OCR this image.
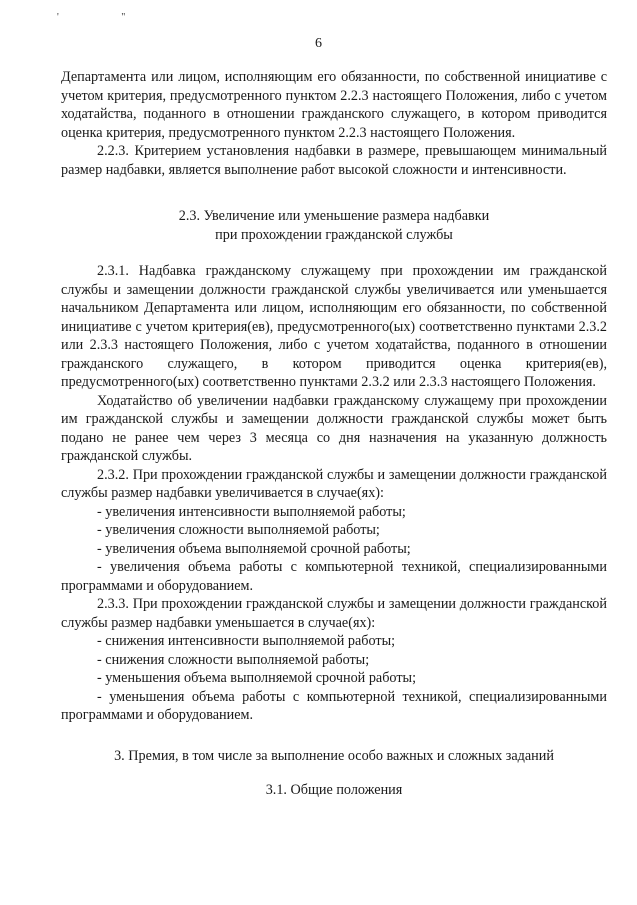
' "
6

Департамента или лицом, исполняющим его обязанности, по собственной инициативе с учетом критерия, предусмотренного пунктом 2.2.3 настоящего Положения, либо с учетом ходатайства, поданного в отношении гражданского служащего, в котором приводится оценка критерия, предусмотренного пунктом 2.2.3 настоящего Положения.

2.2.3. Критерием установления надбавки в размере, превышающем минимальный размер надбавки, является выполнение работ высокой сложности и интенсивности.

2.3. Увеличение или уменьшение размера надбавки
при прохождении гражданской службы

2.3.1. Надбавка гражданскому служащему при прохождении им гражданской службы и замещении должности гражданской службы увеличивается или уменьшается начальником Департамента или лицом, исполняющим его обязанности, по собственной инициативе с учетом критерия(ев), предусмотренного(ых) соответственно пунктами 2.3.2 или 2.3.3 настоящего Положения, либо с учетом ходатайства, поданного в отношении гражданского служащего, в котором приводится оценка критерия(ев), предусмотренного(ых) соответственно пунктами 2.3.2 или 2.3.3 настоящего Положения.

Ходатайство об увеличении надбавки гражданскому служащему при прохождении им гражданской службы и замещении должности гражданской службы может быть подано не ранее чем через 3 месяца со дня назначения на указанную должность гражданской службы.

2.3.2. При прохождении гражданской службы и замещении должности гражданской службы размер надбавки увеличивается в случае(ях):

- увеличения интенсивности выполняемой работы;

- увеличения сложности выполняемой работы;

- увеличения объема выполняемой срочной работы;

- увеличения объема работы с компьютерной техникой, специализированными программами и оборудованием.

2.3.3. При прохождении гражданской службы и замещении должности гражданской службы размер надбавки уменьшается в случае(ях):

- снижения интенсивности выполняемой работы;

- снижения сложности выполняемой работы;

- уменьшения объема выполняемой срочной работы;

- уменьшения объема работы с компьютерной техникой, специализированными программами и оборудованием.

3. Премия, в том числе за выполнение особо важных и сложных заданий

3.1. Общие положения
